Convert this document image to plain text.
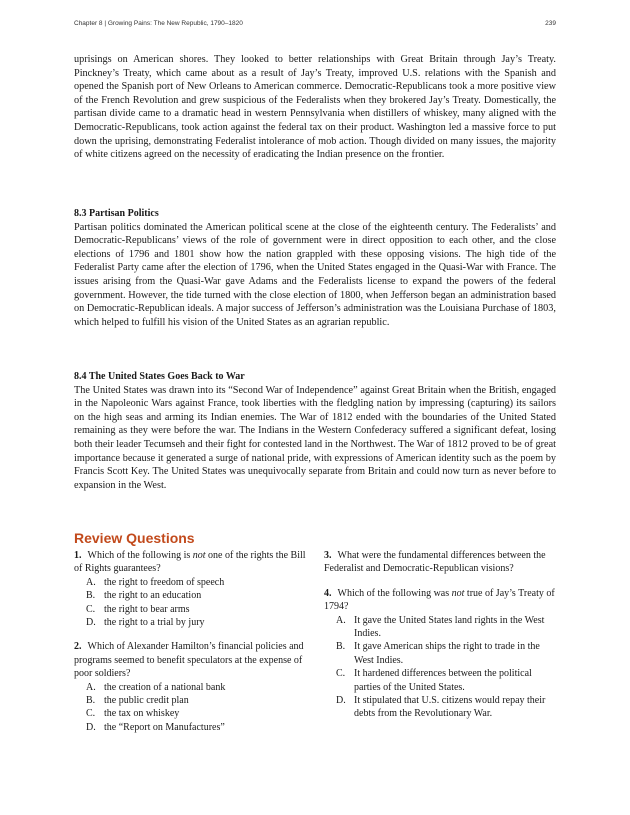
Chapter 8 | Growing Pains: The New Republic, 1790–1820	239

uprisings on American shores. They looked to better relationships with Great Britain through Jay’s Treaty. Pinckney’s Treaty, which came about as a result of Jay’s Treaty, improved U.S. relations with the Spanish and opened the Spanish port of New Orleans to American commerce. Democratic-Republicans took a more positive view of the French Revolution and grew suspicious of the Federalists when they brokered Jay’s Treaty. Domestically, the partisan divide came to a dramatic head in western Pennsylvania when distillers of whiskey, many aligned with the Democratic-Republicans, took action against the federal tax on their product. Washington led a massive force to put down the uprising, demonstrating Federalist intolerance of mob action. Though divided on many issues, the majority of white citizens agreed on the necessity of eradicating the Indian presence on the frontier.

8.3 Partisan Politics

Partisan politics dominated the American political scene at the close of the eighteenth century. The Federalists’ and Democratic-Republicans’ views of the role of government were in direct opposition to each other, and the close elections of 1796 and 1801 show how the nation grappled with these opposing visions. The high tide of the Federalist Party came after the election of 1796, when the United States engaged in the Quasi-War with France. The issues arising from the Quasi-War gave Adams and the Federalists license to expand the powers of the federal government. However, the tide turned with the close election of 1800, when Jefferson began an administration based on Democratic-Republican ideals. A major success of Jefferson’s administration was the Louisiana Purchase of 1803, which helped to fulfill his vision of the United States as an agrarian republic.

8.4 The United States Goes Back to War

The United States was drawn into its “Second War of Independence” against Great Britain when the British, engaged in the Napoleonic Wars against France, took liberties with the fledgling nation by impressing (capturing) its sailors on the high seas and arming its Indian enemies. The War of 1812 ended with the boundaries of the United Stated remaining as they were before the war. The Indians in the Western Confederacy suffered a significant defeat, losing both their leader Tecumseh and their fight for contested land in the Northwest. The War of 1812 proved to be of great importance because it generated a surge of national pride, with expressions of American identity such as the poem by Francis Scott Key. The United States was unequivocally separate from Britain and could now turn as never before to expansion in the West.

Review Questions

1. Which of the following is not one of the rights the Bill of Rights guarantees?

A. the right to freedom of speech
B. the right to an education
C. the right to bear arms
D. the right to a trial by jury

2. Which of Alexander Hamilton’s financial policies and programs seemed to benefit speculators at the expense of poor soldiers?

A. the creation of a national bank
B. the public credit plan
C. the tax on whiskey
D. the “Report on Manufactures”

3. What were the fundamental differences between the Federalist and Democratic-Republican visions?

4. Which of the following was not true of Jay’s Treaty of 1794?

A. It gave the United States land rights in the West Indies.
B. It gave American ships the right to trade in the West Indies.
C. It hardened differences between the political parties of the United States.
D. It stipulated that U.S. citizens would repay their debts from the Revolutionary War.
